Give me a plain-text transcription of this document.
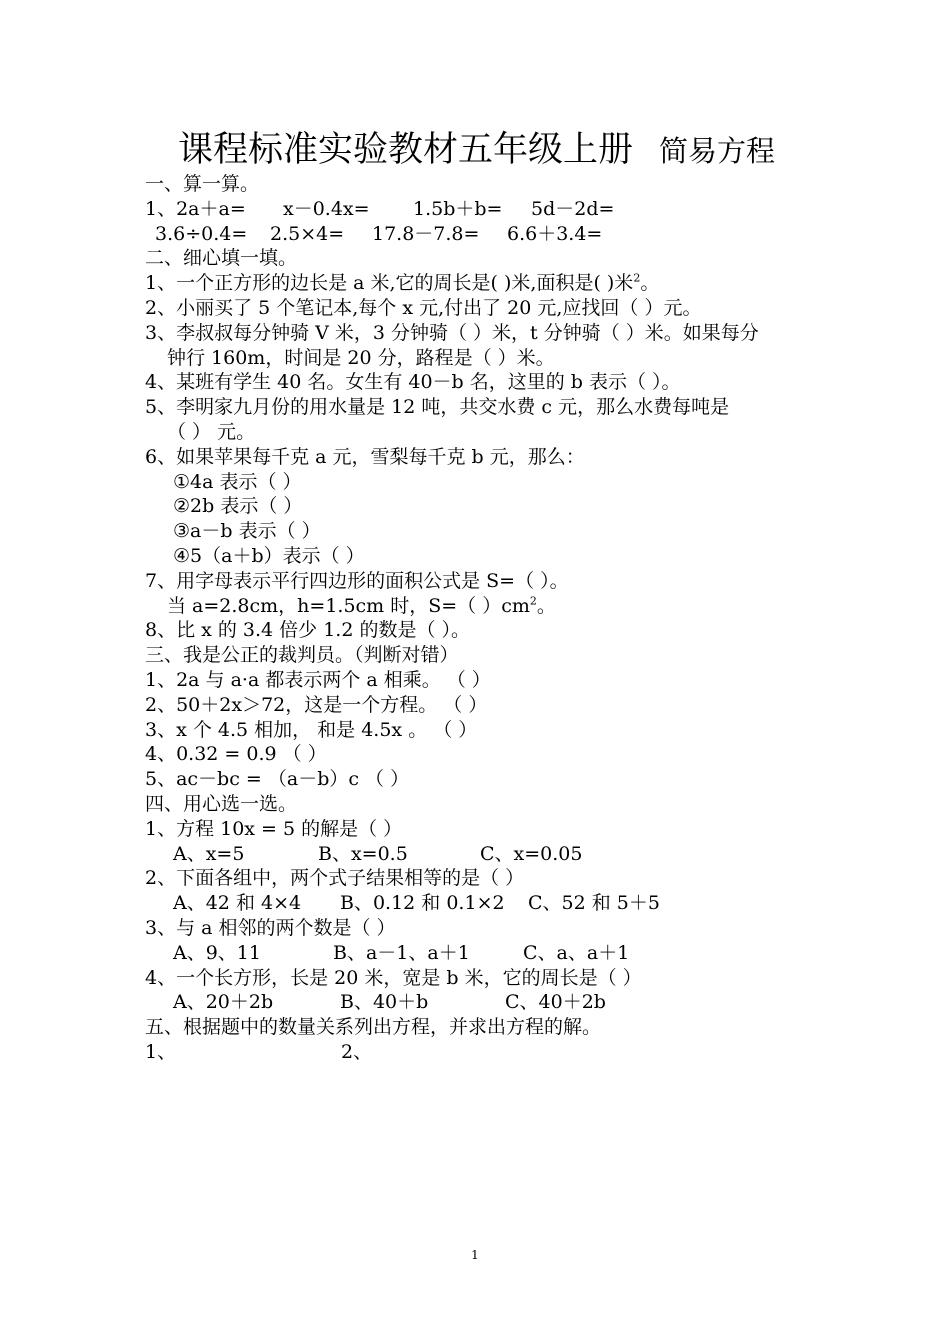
课程标准实验教材五年级上册 简易方程
一、算一算。
1、2a＋a= x－0.4x= 1.5b＋b= 5d－2d=
3.6÷0.4= 2.5×4= 17.8－7.8= 6.6＋3.4=
二、细心填一填。
1、一个正方形的边长是 a 米,它的周长是( )米,面积是( )米$^2$。
2、小丽买了 5 个笔记本,每个 x 元,付出了 20 元,应找回（ ）元。
3、李叔叔每分钟骑 V 米，3 分钟骑（ ）米，t 分钟骑（ ）米。如果每分
钟行 160m，时间是 20 分，路程是（ ）米。
4、某班有学生 40 名。女生有 40－b 名，这里的 b 表示（ ）。
5、李明家九月份的用水量是 12 吨，共交水费 c 元，那么水费每吨是
（ ） 元。
6、如果苹果每千克 a 元，雪梨每千克 b 元，那么：
①4a 表示（ ）
②2b 表示（ ）
③a－b 表示（ ）
④5（a＋b）表示（ ）
7、用字母表示平行四边形的面积公式是 S=（ ）。
当 a=2.8cm，h=1.5cm 时，S=（ ）$cm^2$。
8、比 x 的 3.4 倍少 1.2 的数是（ ）。
三、我是公正的裁判员。（判断对错）
1、2a 与 a·a 都表示两个 a 相乘。 （ ）
2、50＋2x＞72，这是一个方程。 （ ）
3、x 个 4.5 相加， 和是 4.5x 。 （ ）
4、0.32 = 0.9 （ ）
5、ac－bc = （a－b）c （ ）
四、用心选一选。
1、方程 10x = 5 的解是（ ）
A、x=5	B、x=0.5	C、x=0.05
2、下面各组中，两个式子结果相等的是（ ）
A、42 和 4×4 B、0.12 和 0.1×2 C、52 和 5＋5
3、与 a 相邻的两个数是（ ）
A、9、11	B、a－1、a＋1	C、a、a＋1
4、一个长方形，长是 20 米，宽是 b 米，它的周长是（ ）
A、20＋2b	B、40＋b	C、40＋2b
五、根据题中的数量关系列出方程，并求出方程的解。
1、	2、
1
